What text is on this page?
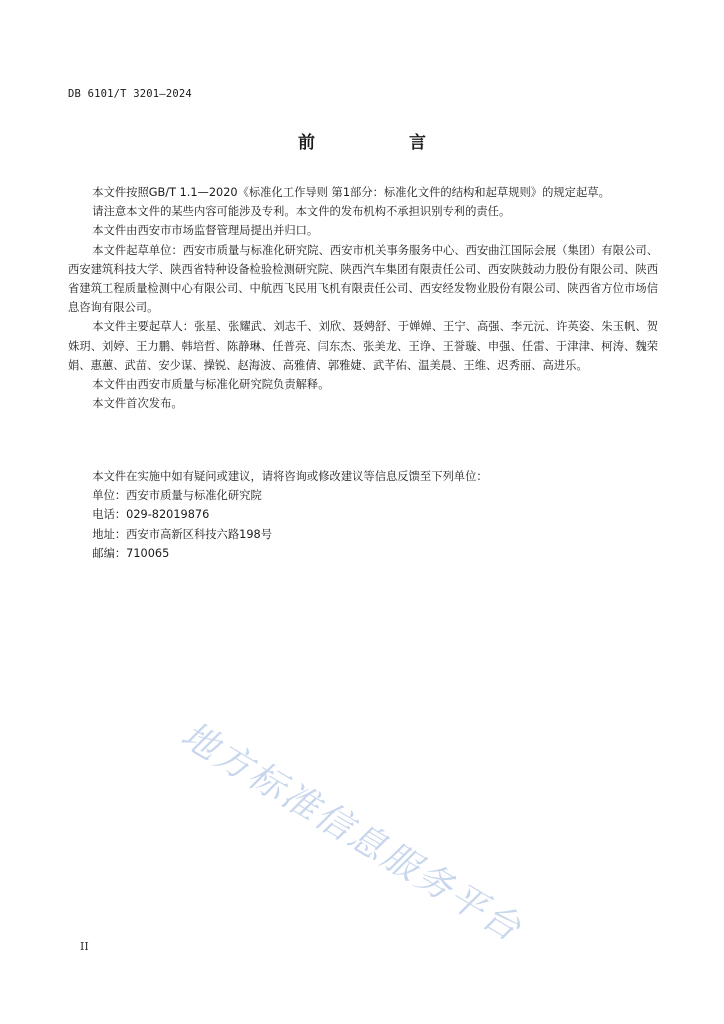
DB 6101/T 3201—2024
前 言

本文件按照GB/T 1.1—2020《标准化工作导则 第1部分：标准化文件的结构和起草规则》的规定起草。

请注意本文件的某些内容可能涉及专利。本文件的发布机构不承担识别专利的责任。

本文件由西安市市场监督管理局提出并归口。

本文件起草单位：西安市质量与标准化研究院、西安市机关事务服务中心、西安曲江国际会展（集团）有限公司、西安建筑科技大学、陕西省特种设备检验检测研究院、陕西汽车集团有限责任公司、西安陕鼓动力股份有限公司、陕西省建筑工程质量检测中心有限公司、中航西飞民用飞机有限责任公司、西安经发物业股份有限公司、陕西省方位市场信息咨询有限公司。

本文件主要起草人：张星、张耀武、刘志千、刘欣、聂娉舒、于婵婵、王宁、高强、李元沅、许英姿、朱玉帆、贺姝玥、刘婷、王力鹏、韩培哲、陈静琳、任普亮、闫东杰、张美龙、王诤、王誉璇、申强、任雷、于津津、柯涛、魏荣娟、惠蕙、武苗、安少谋、操锐、赵海波、高雅倩、郭雅婕、武芊佑、温美晨、王维、迟秀丽、高进乐。

本文件由西安市质量与标准化研究院负责解释。

本文件首次发布。

本文件在实施中如有疑问或建议，请将咨询或修改建议等信息反馈至下列单位：

单位：西安市质量与标准化研究院

电话：029-82019876

地址：西安市高新区科技六路198号

邮编：710065

地方标准信息服务平台
II
